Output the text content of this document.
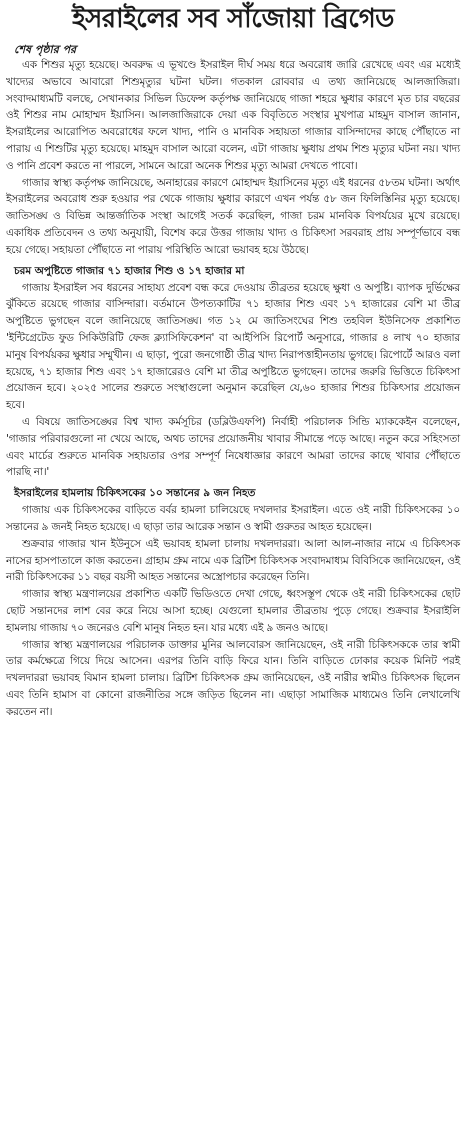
ইসরাইলের সব সাঁজোয়া ব্রিগেড

শেষ পৃষ্ঠার পর

এক শিশুর মৃত্যু হয়েছে। অবরুদ্ধ এ ভূখণ্ডে ইসরাইল দীর্ঘ সময় ধরে অবরোধ জারি রেখেছে এবং এর মধ্যেই খাদ্যের অভাবে আবারো শিশুমৃত্যুর ঘটনা ঘটল। গতকাল রোববার এ তথ্য জানিয়েছে আলজাজিরা। সংবাদমাধ্যমটি বলছে, সেখানকার সিভিল ডিফেন্স কর্তৃপক্ষ জানিয়েছে গাজা শহরে ক্ষুধার কারণে মৃত চার বছরের ওই শিশুর নাম মোহাম্মদ ইয়াসিন। আলজাজিরাকে দেয়া এক বিবৃতিতে সংস্থার মুখপাত্র মাহমুদ বাসাল জানান, ইসরাইলের আরোপিত অবরোধের ফলে খাদ্য, পানি ও মানবিক সহায়তা গাজার বাসিন্দাদের কাছে পৌঁছাতে না পারায় এ শিশুটির মৃত্যু হয়েছে। মাহমুদ বাসাল আরো বলেন, এটা গাজায় ক্ষুধায় প্রথম শিশু মৃত্যুর ঘটনা নয়। খাদ্য ও পানি প্রবেশ করতে না পারলে, সামনে আরো অনেক শিশুর মৃত্যু আমরা দেখতে পাবো।

গাজার স্বাস্থ্য কর্তৃপক্ষ জানিয়েছে, অনাহারের কারণে মোহাম্মদ ইয়াসিনের মৃত্যু এই ধরনের ৫৮তম ঘটনা। অর্থাৎ ইসরাইলের অবরোধ শুরু হওয়ার পর থেকে গাজায় ক্ষুধার কারণে এখন পর্যন্ত ৫৮ জন ফিলিস্তিনির মৃত্যু হয়েছে। জাতিসঙ্ঘ ও বিভিন্ন আন্তর্জাতিক সংস্থা আগেই সতর্ক করেছিল, গাজা চরম মানবিক বিপর্যয়ের মুখে রয়েছে। একাধিক প্রতিবেদন ও তথ্য অনুযায়ী, বিশেষ করে উত্তর গাজায় খাদ্য ও চিকিৎসা সরবরাহ প্রায় সম্পূর্ণভাবে বন্ধ হয়ে গেছে। সহায়তা পৌঁছাতে না পারায় পরিস্থিতি আরো ভয়াবহ হয়ে উঠছে।

চরম অপুষ্টিতে গাজার ৭১ হাজার শিশু ও ১৭ হাজার মা

গাজায় ইসরাইল সব ধরনের সাহায্য প্রবেশ বন্ধ করে দেওয়ায় তীব্রতর হয়েছে ক্ষুধা ও অপুষ্টি। ব্যাপক দুর্ভিক্ষের ঝুঁকিতে রয়েছে গাজার বাসিন্দারা। বর্তমানে উপত্যকাটির ৭১ হাজার শিশু এবং ১৭ হাজারের বেশি মা তীব্র অপুষ্টিতে ভুগছেন বলে জানিয়েছে জাতিসঙ্ঘ। গত ১২ মে জাতিসংঘের শিশু তহবিল ইউনিসেফ প্রকাশিত 'ইন্টিগ্রেটেড ফুড সিকিউরিটি ফেজ ক্ল্যাসিফিকেশন' বা আইপিসি রিপোর্ট অনুসারে, গাজার ৪ লাখ ৭০ হাজার মানুষ বিপর্যয়কর ক্ষুধার সম্মুখীন। এ ছাড়া, পুরো জনগোষ্ঠী তীব্র খাদ্য নিরাপত্তাহীনতায় ভুগছে। রিপোর্টে আরও বলা হয়েছে, ৭১ হাজার শিশু এবং ১৭ হাজারেরও বেশি মা তীব্র অপুষ্টিতে ভুগছেন। তাদের জরুরি ভিত্তিতে চিকিৎসা প্রয়োজন হবে। ২০২৫ সালের শুরুতে সংস্থাগুলো অনুমান করেছিল যে,৬০ হাজার শিশুর চিকিৎসার প্রয়োজন হবে।

এ বিষয়ে জাতিসঙ্ঘের বিশ্ব খাদ্য কর্মসূচির (ডব্লিউএফপি) নির্বাহী পরিচালক সিন্ডি ম্যাককেইন বলেছেন, 'গাজার পরিবারগুলো না খেয়ে আছে, অথচ তাদের প্রয়োজনীয় খাবার সীমান্তে পড়ে আছে। নতুন করে সহিংসতা এবং মার্চের শুরুতে মানবিক সহায়তার ওপর সম্পূর্ণ নিষেধাজ্ঞার কারণে আমরা তাদের কাছে খাবার পৌঁছাতে পারছি না।'

ইসরাইলের হামলায় চিকিৎসকের ১০ সন্তানের ৯ জন নিহত

গাজায় এক চিকিৎসকের বাড়িতে বর্বর হামলা চালিয়েছে দখলদার ইসরাইল। এতে ওই নারী চিকিৎসকের ১০ সন্তানের ৯ জনই নিহত হয়েছে। এ ছাড়া তার আরেক সন্তান ও স্বামী গুরুতর আহত হয়েছেন।

শুক্রবার গাজার খান ইউনুসে এই ভয়াবহ হামলা চালায় দখলদাররা। আলা আল-নাজার নামে এ চিকিৎসক নাসের হাসপাতালে কাজ করতেন। গ্রাহাম গ্রুম নামে এক ব্রিটিশ চিকিৎসক সংবাদমাধ্যম বিবিসিকে জানিয়েছেন, ওই নারী চিকিৎসকের ১১ বছর বয়সী আহত সন্তানের অস্ত্রোপচার করেছেন তিনি।

গাজার স্বাস্থ্য মন্ত্রণালয়ের প্রকাশিত একটি ভিডিওতে দেখা গেছে, ধ্বংসস্তূপ থেকে ওই নারী চিকিৎসকের ছোট ছোট সন্তানদের লাশ বের করে নিয়ে আসা হচ্ছে। যেগুলো হামলার তীব্রতায় পুড়ে গেছে। শুক্রবার ইসরাইলি হামলায় গাজায় ৭০ জনেরও বেশি মানুষ নিহত হন। যার মধ্যে এই ৯ জনও আছে।

গাজার স্বাস্থ্য মন্ত্রণালয়ের পরিচালক ডাক্তার মুনির আলবোরস জানিয়েছেন, ওই নারী চিকিৎসককে তার স্বামী তার কর্মক্ষেত্রে গিয়ে দিয়ে আসেন। এরপর তিনি বাড়ি ফিরে যান। তিনি বাড়িতে ঢোকার কয়েক মিনিট পরই দখলদাররা ভয়াবহ বিমান হামলা চালায়। ব্রিটিশ চিকিৎসক গ্রুম জানিয়েছেন, ওই নারীর স্বামীও চিকিৎসক ছিলেন এবং তিনি হামাস বা কোনো রাজনীতির সঙ্গে জড়িত ছিলেন না। এছাড়া সামাজিক মাধ্যমেও তিনি লেখালেখি করতেন না।
